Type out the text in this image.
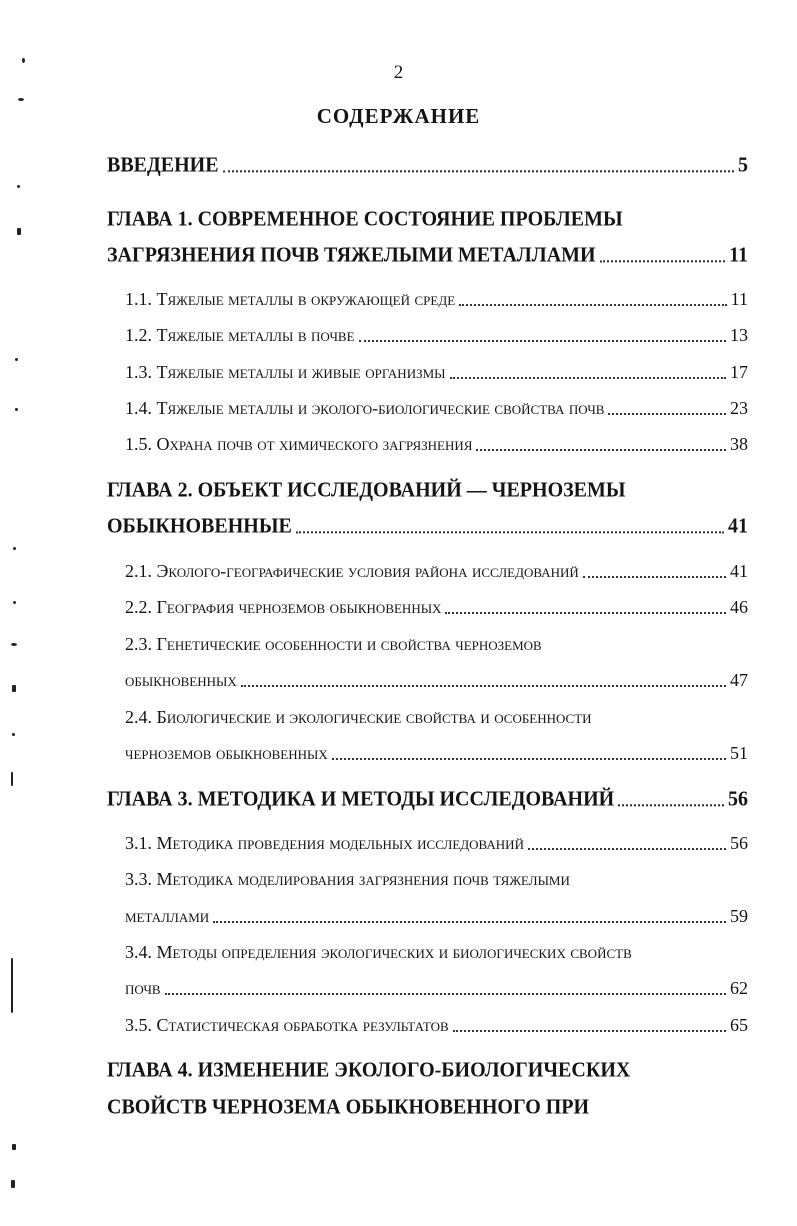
2
СОДЕРЖАНИЕ
ВВЕДЕНИЕ	5
ГЛАВА 1. СОВРЕМЕННОЕ СОСТОЯНИЕ ПРОБЛЕМЫ
ЗАГРЯЗНЕНИЯ ПОЧВ ТЯЖЕЛЫМИ МЕТАЛЛАМИ	11
1.1. Тяжелые металлы в окружающей среде	11
1.2. Тяжелые металлы в почве	13
1.3. Тяжелые металлы и живые организмы	17
1.4. Тяжелые металлы и эколого-биологические свойства почв	23
1.5. Охрана почв от химического загрязнения	38
ГЛАВА 2. ОБЪЕКТ ИССЛЕДОВАНИЙ — ЧЕРНОЗЕМЫ
ОБЫКНОВЕННЫЕ	41
2.1. Эколого-географические условия района исследований	41
2.2. География черноземов обыкновенных	46
2.3. Генетические особенности и свойства черноземов
обыкновенных	47
2.4. Биологические и экологические свойства и особенности
черноземов обыкновенных	51
ГЛАВА 3. МЕТОДИКА И МЕТОДЫ ИССЛЕДОВАНИЙ	56
3.1. Методика проведения модельных исследований	56
3.3. Методика моделирования загрязнения почв тяжелыми
металлами	59
3.4. Методы определения экологических и биологических свойств
почв	62
3.5. Статистическая обработка результатов	65
ГЛАВА 4. ИЗМЕНЕНИЕ ЭКОЛОГО-БИОЛОГИЧЕСКИХ
СВОЙСТВ ЧЕРНОЗЕМА ОБЫКНОВЕННОГО ПРИ
